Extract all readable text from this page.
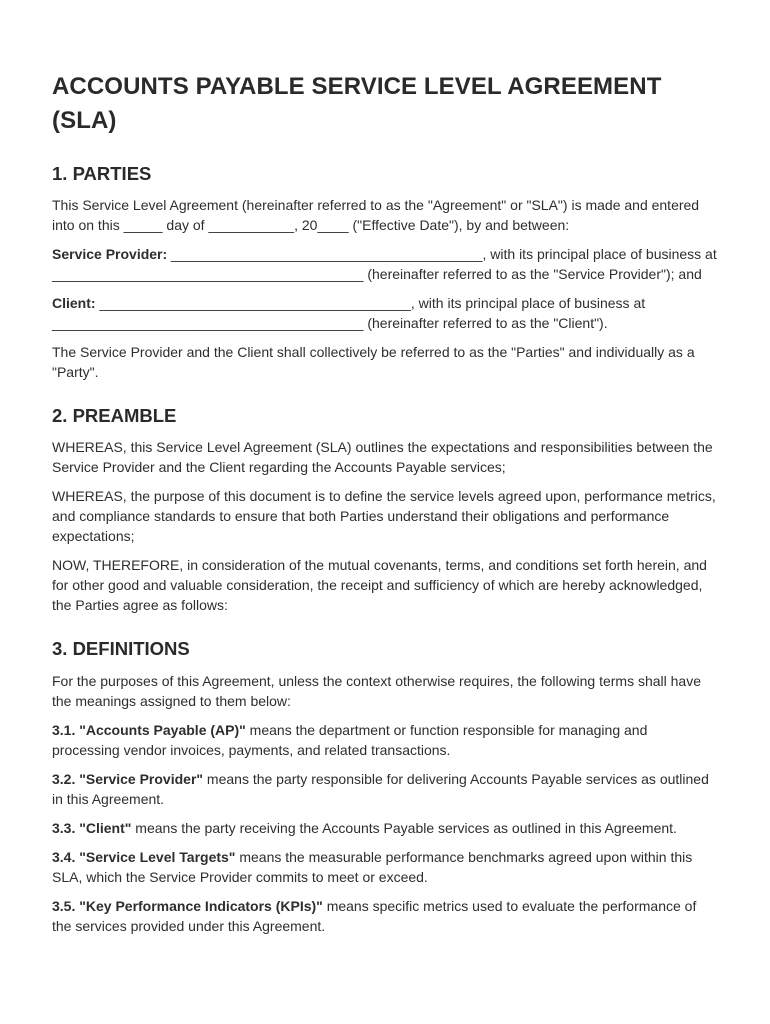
ACCOUNTS PAYABLE SERVICE LEVEL AGREEMENT (SLA)
1. PARTIES

This Service Level Agreement (hereinafter referred to as the "Agreement" or "SLA") is made and entered into on this _____ day of ___________, 20____ ("Effective Date"), by and between:

Service Provider: ________________________________________, with its principal place of business at ________________________________________ (hereinafter referred to as the "Service Provider"); and

Client: ________________________________________, with its principal place of business at ________________________________________ (hereinafter referred to as the "Client").

The Service Provider and the Client shall collectively be referred to as the "Parties" and individually as a "Party".

2. PREAMBLE

WHEREAS, this Service Level Agreement (SLA) outlines the expectations and responsibilities between the Service Provider and the Client regarding the Accounts Payable services;

WHEREAS, the purpose of this document is to define the service levels agreed upon, performance metrics, and compliance standards to ensure that both Parties understand their obligations and performance expectations;

NOW, THEREFORE, in consideration of the mutual covenants, terms, and conditions set forth herein, and for other good and valuable consideration, the receipt and sufficiency of which are hereby acknowledged, the Parties agree as follows:

3. DEFINITIONS

For the purposes of this Agreement, unless the context otherwise requires, the following terms shall have the meanings assigned to them below:

3.1. "Accounts Payable (AP)" means the department or function responsible for managing and processing vendor invoices, payments, and related transactions.

3.2. "Service Provider" means the party responsible for delivering Accounts Payable services as outlined in this Agreement.

3.3. "Client" means the party receiving the Accounts Payable services as outlined in this Agreement.

3.4. "Service Level Targets" means the measurable performance benchmarks agreed upon within this SLA, which the Service Provider commits to meet or exceed.

3.5. "Key Performance Indicators (KPIs)" means specific metrics used to evaluate the performance of the services provided under this Agreement.
